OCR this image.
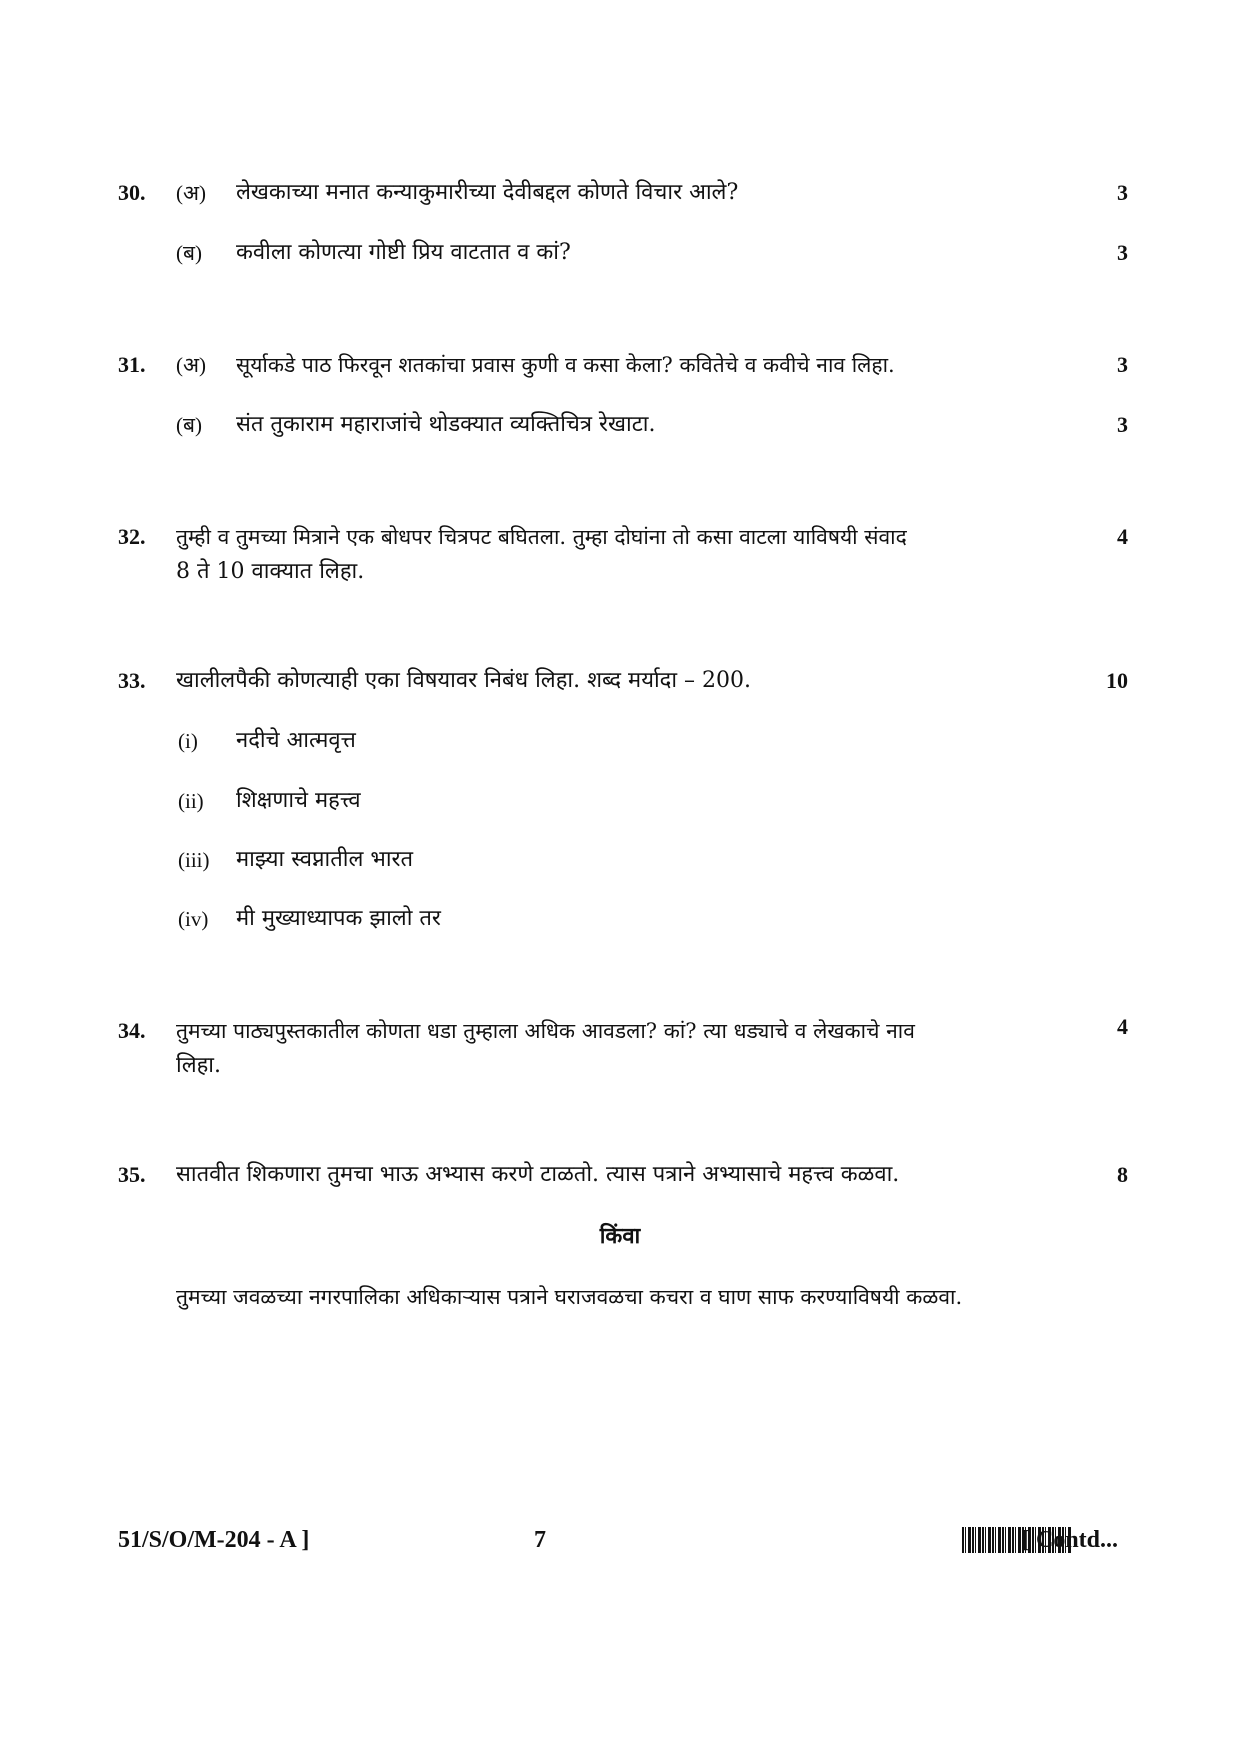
30. (अ) लेखकाच्या मनात कन्याकुमारीच्या देवीबद्दल कोणते विचार आले?	3
(ब) कवीला कोणत्या गोष्टी प्रिय वाटतात व कां?	3
31. (अ) सूर्याकडे पाठ फिरवून शतकांचा प्रवास कुणी व कसा केला? कवितेचे व कवीचे नाव लिहा.	3
(ब) संत तुकाराम महाराजांचे थोडक्यात व्यक्तिचित्र रेखाटा.	3
32. तुम्ही व तुमच्या मित्राने एक बोधपर चित्रपट बघितला. तुम्हा दोघांना तो कसा वाटला याविषयी संवाद
8 ते 10 वाक्यात लिहा.
4
33. खालीलपैकी कोणत्याही एका विषयावर निबंध लिहा. शब्द मर्यादा – 200.	10
(i) नदीचे आत्मवृत्त
(ii) शिक्षणाचे महत्त्व
(iii) माझ्या स्वप्नातील भारत
(iv) मी मुख्याध्यापक झालो तर
34. तुमच्या पाठ्यपुस्तकातील कोणता धडा तुम्हाला अधिक आवडला? कां? त्या धड्याचे व लेखकाचे नाव
लिहा.
4
35. सातवीत शिकणारा तुमचा भाऊ अभ्यास करणे टाळतो. त्यास पत्राने अभ्यासाचे महत्त्व कळवा.	8
किंवा
तुमच्या जवळच्या नगरपालिका अधिकाऱ्यास पत्राने घराजवळचा कचरा व घाण साफ करण्याविषयी कळवा.
51/S/O/M-204 - A ]	7	[ Contd...
